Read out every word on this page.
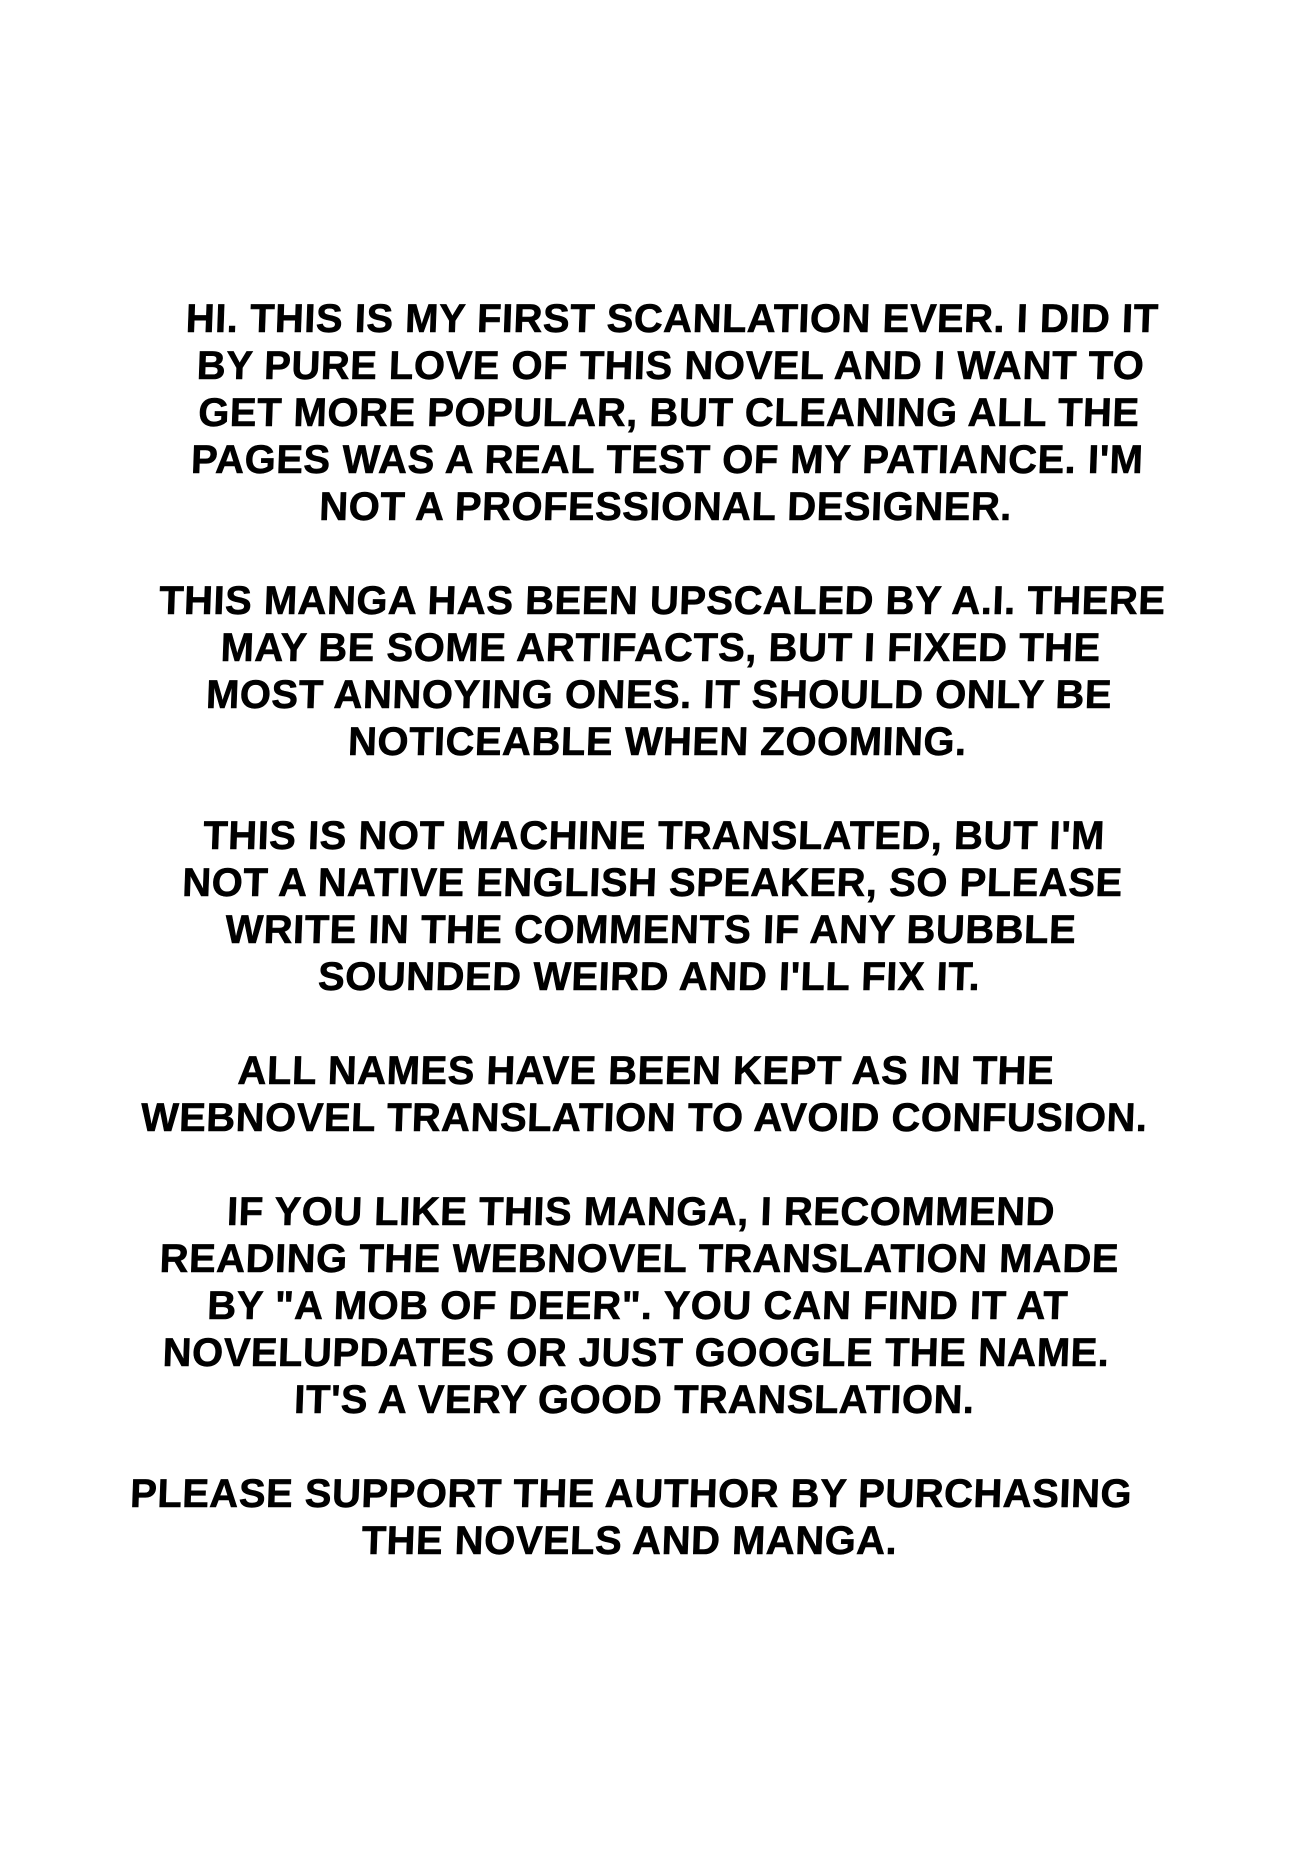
HI. THIS IS MY FIRST SCANLATION EVER. I DID IT
BY PURE LOVE OF THIS NOVEL AND I WANT TO
GET MORE POPULAR, BUT CLEANING ALL THE
PAGES WAS A REAL TEST OF MY PATIANCE. I'M
NOT A PROFESSIONAL DESIGNER.

THIS MANGA HAS BEEN UPSCALED BY A.I. THERE
MAY BE SOME ARTIFACTS, BUT I FIXED THE
MOST ANNOYING ONES. IT SHOULD ONLY BE
NOTICEABLE WHEN ZOOMING.

THIS IS NOT MACHINE TRANSLATED, BUT I'M
NOT A NATIVE ENGLISH SPEAKER, SO PLEASE
WRITE IN THE COMMENTS IF ANY BUBBLE
SOUNDED WEIRD AND I'LL FIX IT.

ALL NAMES HAVE BEEN KEPT AS IN THE
WEBNOVEL TRANSLATION TO AVOID CONFUSION.

IF YOU LIKE THIS MANGA, I RECOMMEND
READING THE WEBNOVEL TRANSLATION MADE
BY "A MOB OF DEER". YOU CAN FIND IT AT
NOVELUPDATES OR JUST GOOGLE THE NAME.
IT'S A VERY GOOD TRANSLATION.

PLEASE SUPPORT THE AUTHOR BY PURCHASING
THE NOVELS AND MANGA.
